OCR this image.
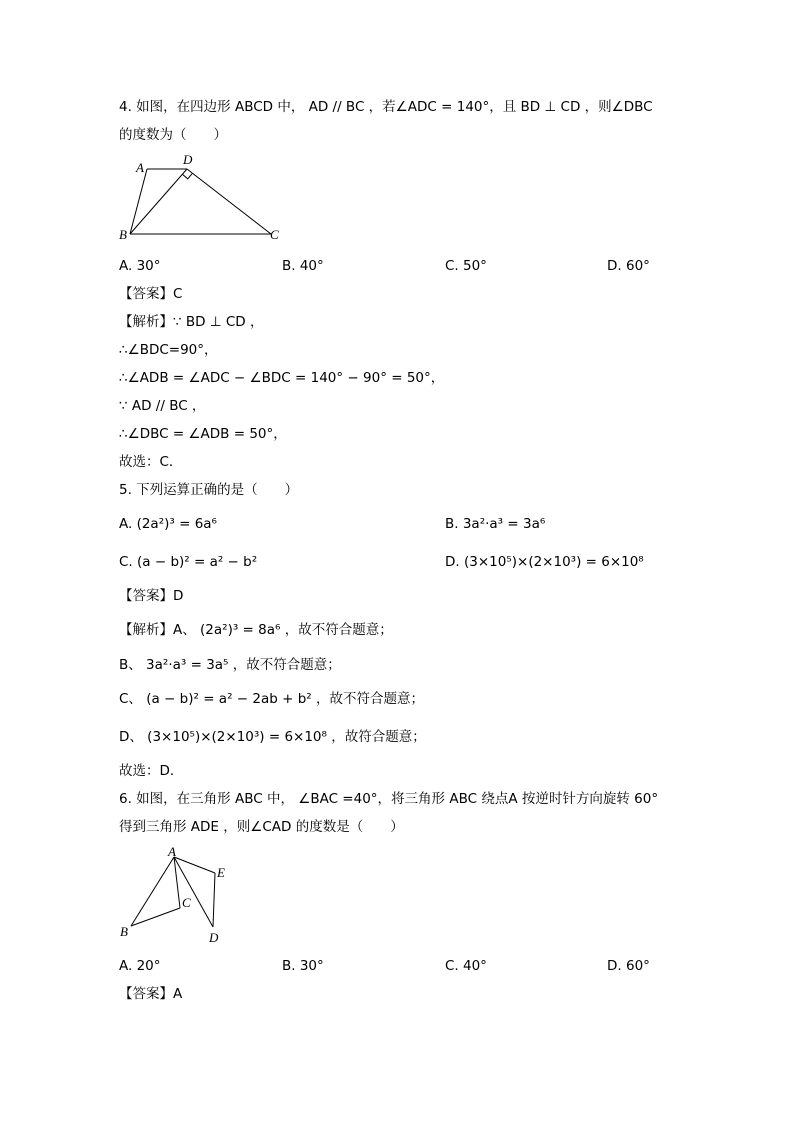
4. 如图，在四边形 ABCD 中， AD // BC ，若∠ADC = 140°，且 BD ⊥ CD ，则∠DBC
的度数为（　　）
A
D
B	C
A. 30°	B. 40°	C. 50°	D. 60°
【答案】C
【解析】∵ BD ⊥ CD ，
∴∠BDC=90°，
∴∠ADB = ∠ADC − ∠BDC = 140° − 90° = 50°，
∵ AD // BC ，
∴∠DBC = ∠ADB = 50°，
故选：C．
5. 下列运算正确的是（　　）
A. (2a²)³ = 6a⁶	B. 3a²·a³ = 3a⁶
C. (a − b)² = a² − b²	D. (3×10⁵)×(2×10³) = 6×10⁸
【答案】D
【解析】A、 (2a²)³ = 8a⁶ ，故不符合题意；
B、 3a²·a³ = 3a⁵ ，故不符合题意；
C、 (a − b)² = a² − 2ab + b² ，故不符合题意；
D、 (3×10⁵)×(2×10³) = 6×10⁸ ，故符合题意；
故选：D．
6. 如图，在三角形 ABC 中， ∠BAC =40°，将三角形 ABC 绕点A 按逆时针方向旋转 60°
得到三角形 ADE ，则∠CAD 的度数是（　　）
A
B
C
D
E
A. 20°	B. 30°	C. 40°	D. 60°
【答案】A
